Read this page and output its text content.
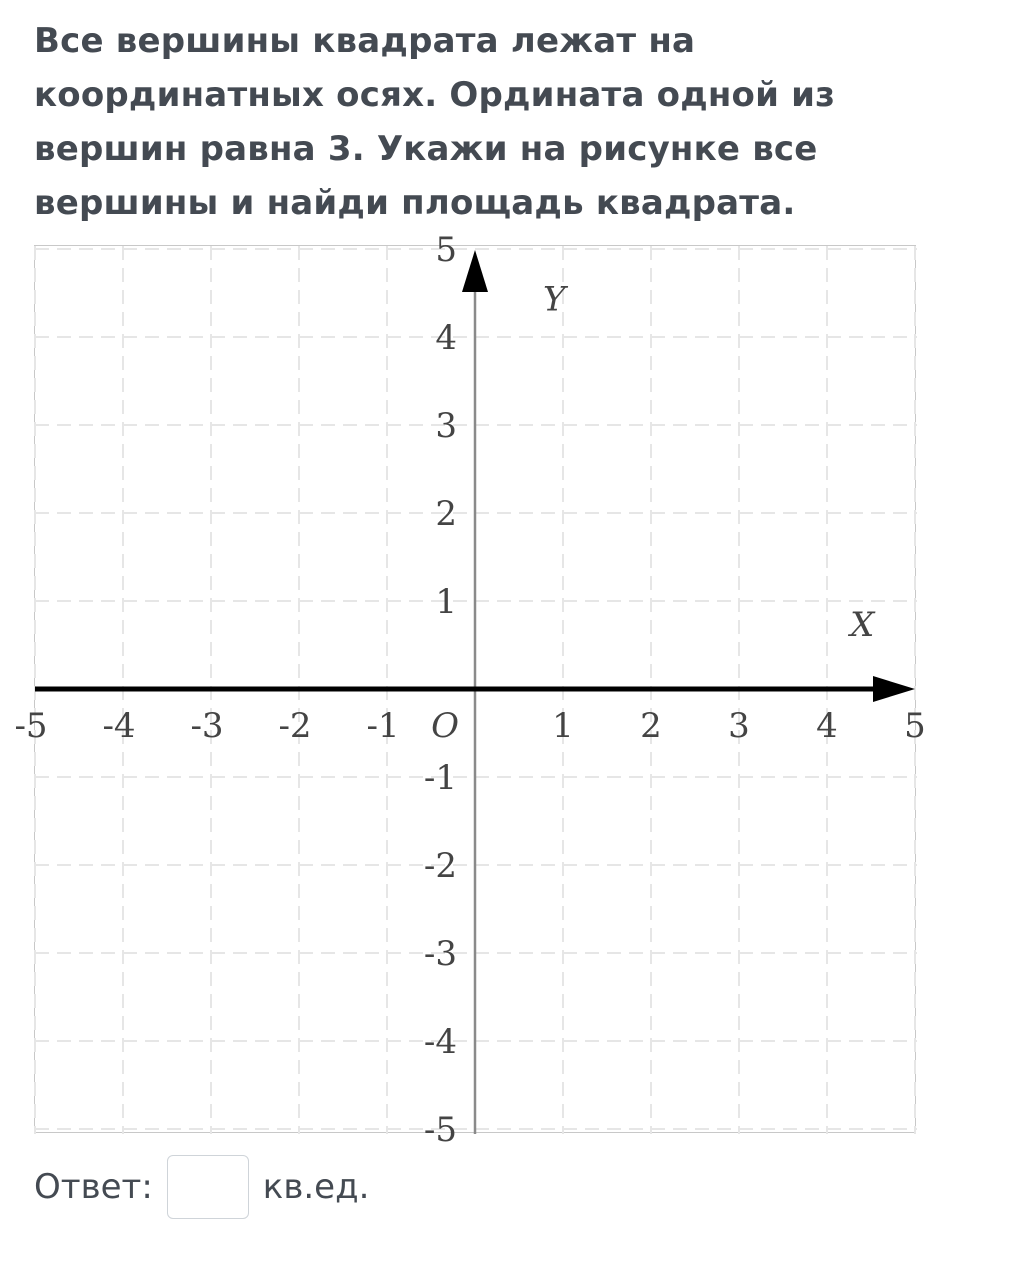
Все вершины квадрата лежат на
координатных осях. Ордината одной из
вершин равна 3. Укажи на рисунке все
вершины и найди площадь квадрата.

-5 -4 -3 -2 -1	1 2 3 4 5
5
4
3
2
1
-1
-2
-3
-4
-5
O
Y
X
Ответ:	кв.ед.
